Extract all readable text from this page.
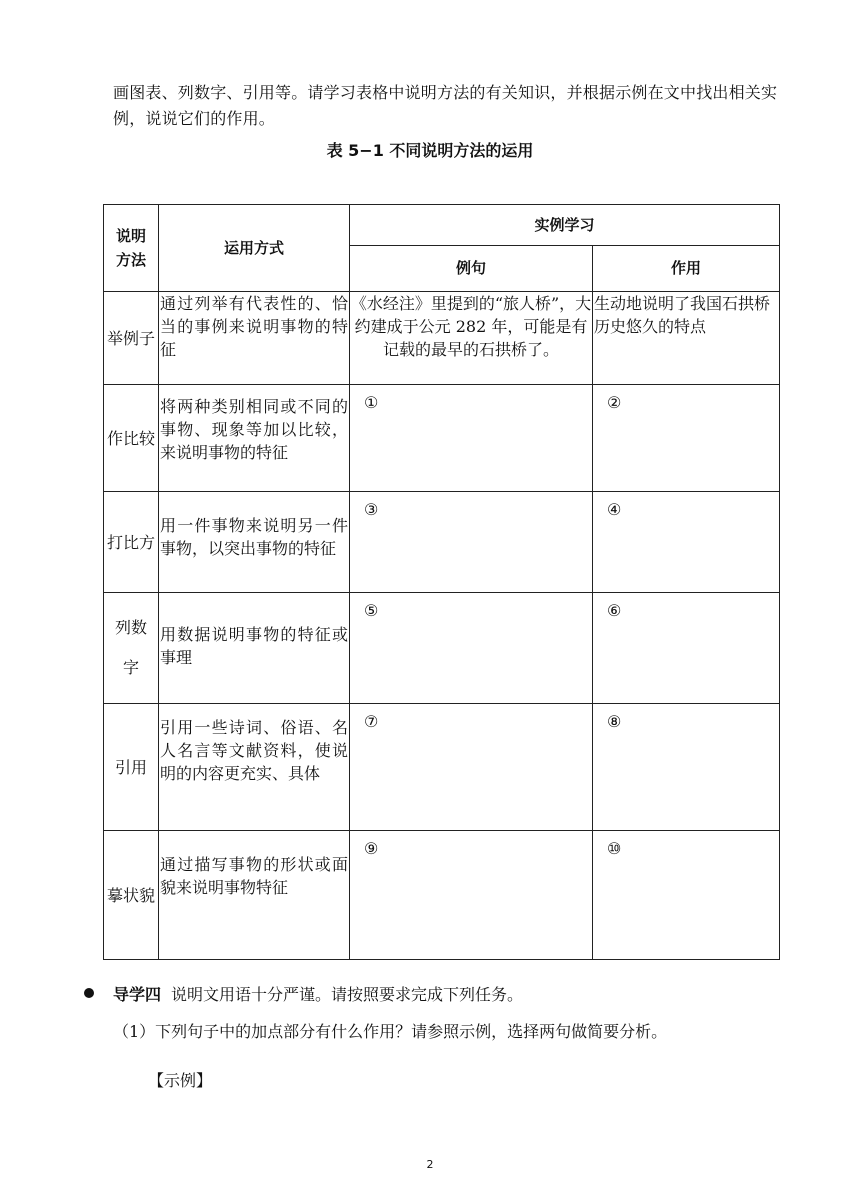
画图表、列数字、引用等。请学习表格中说明方法的有关知识，并根据示例在文中找出相关实例，说说它们的作用。
表 5−1 不同说明方法的运用
说明方法	运用方式	实例学习	
		例句	作用
举例子	通过列举有代表性的、恰当的事例来说明事物的特征	《水经注》里提到的“旅人桥”，大约建成于公元 282 年，可能是有记载的最早的石拱桥了。	生动地说明了我国石拱桥历史悠久的特点
作比较	将两种类别相同或不同的事物、现象等加以比较，来说明事物的特征	①	②
打比方	用一件事物来说明另一件事物，以突出事物的特征	③	④
列数字	用数据说明事物的特征或事理	⑤	⑥
引用	引用一些诗词、俗语、名人名言等文献资料，使说明的内容更充实、具体	⑦	⑧
摹状貌	通过描写事物的形状或面貌来说明事物特征	⑨	⑩
导学四 说明文用语十分严谨。请按照要求完成下列任务。
（1）下列句子中的加点部分有什么作用？请参照示例，选择两句做简要分析。
【示例】
2
